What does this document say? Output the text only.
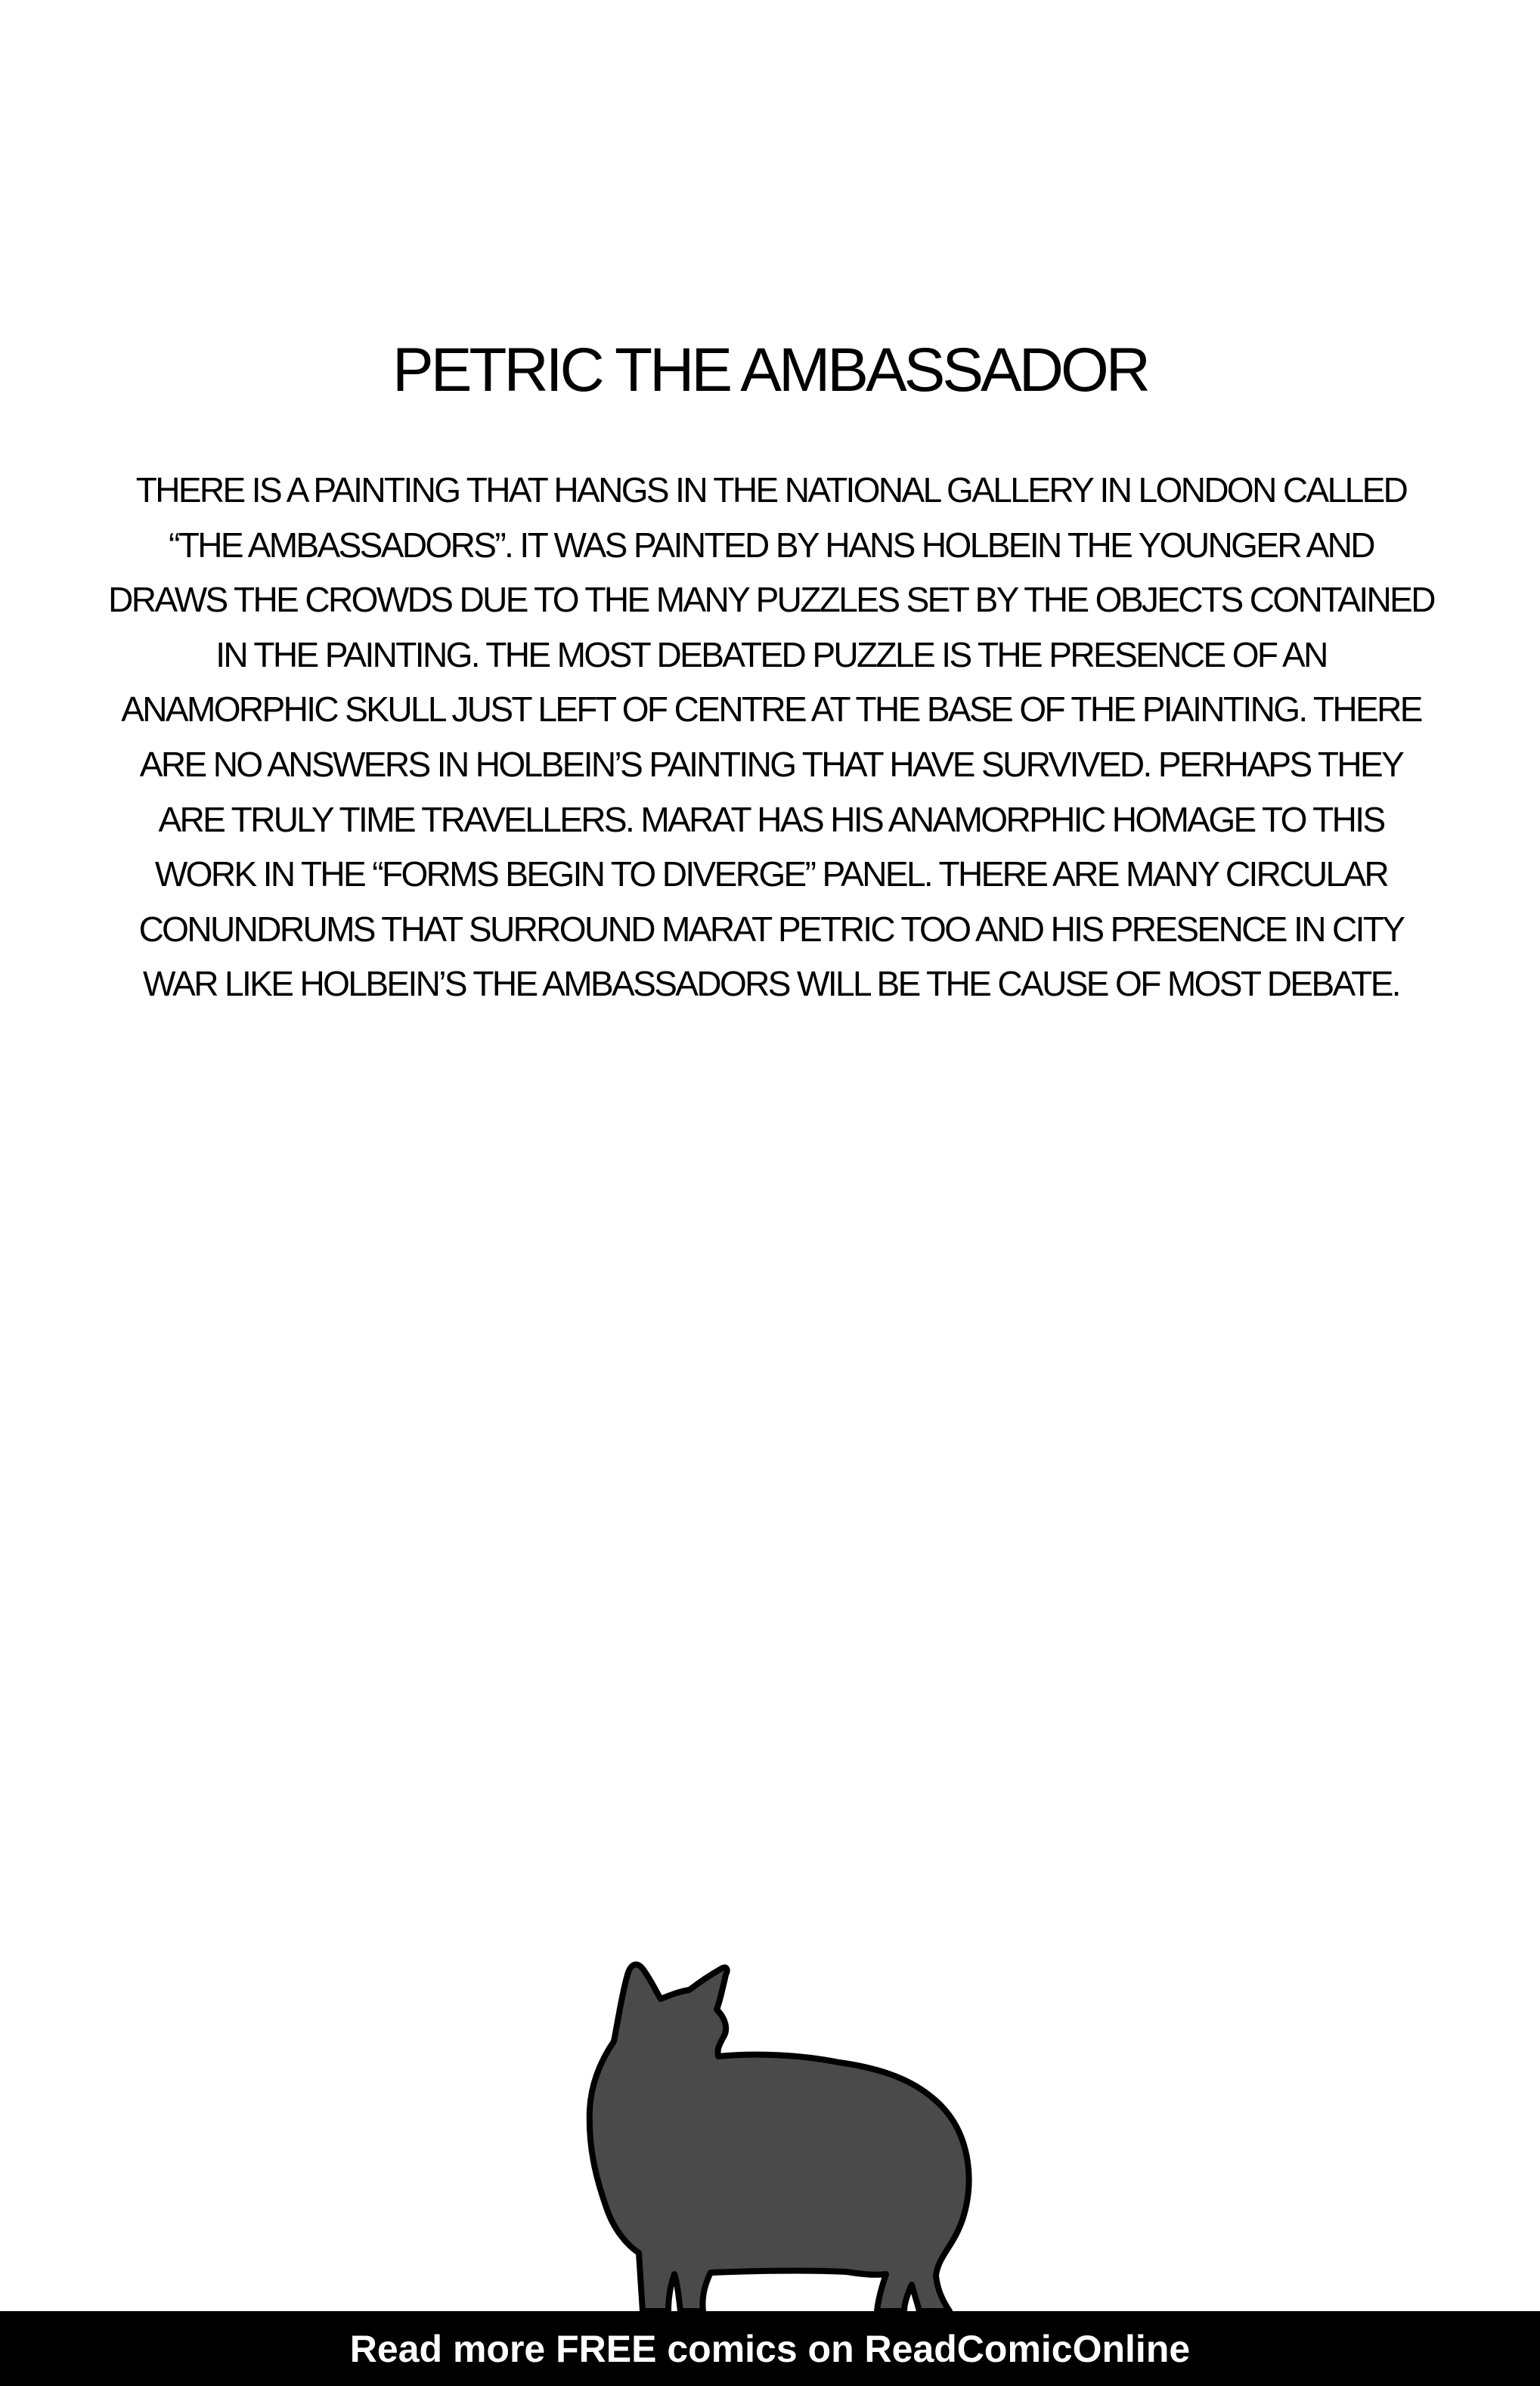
PETRIC THE AMBASSADOR

THERE IS A PAINTING THAT HANGS IN THE NATIONAL GALLERY IN LONDON CALLED “THE AMBASSADORS”. IT WAS PAINTED BY HANS HOLBEIN THE YOUNGER AND DRAWS THE CROWDS DUE TO THE MANY PUZZLES SET BY THE OBJECTS CONTAINED IN THE PAINTING. THE MOST DEBATED PUZZLE IS THE PRESENCE OF AN ANAMORPHIC SKULL JUST LEFT OF CENTRE AT THE BASE OF THE PIAINTING. THERE ARE NO ANSWERS IN HOLBEIN’S PAINTING THAT HAVE SURVIVED. PERHAPS THEY ARE TRULY TIME TRAVELLERS. MARAT HAS HIS ANAMORPHIC HOMAGE TO THIS WORK IN THE “FORMS BEGIN TO DIVERGE” PANEL. THERE ARE MANY CIRCULAR CONUNDRUMS THAT SURROUND MARAT PETRIC TOO AND HIS PRESENCE IN CITY WAR LIKE HOLBEIN’S THE AMBASSADORS WILL BE THE CAUSE OF MOST DEBATE.

Read more FREE comics on ReadComicOnline
